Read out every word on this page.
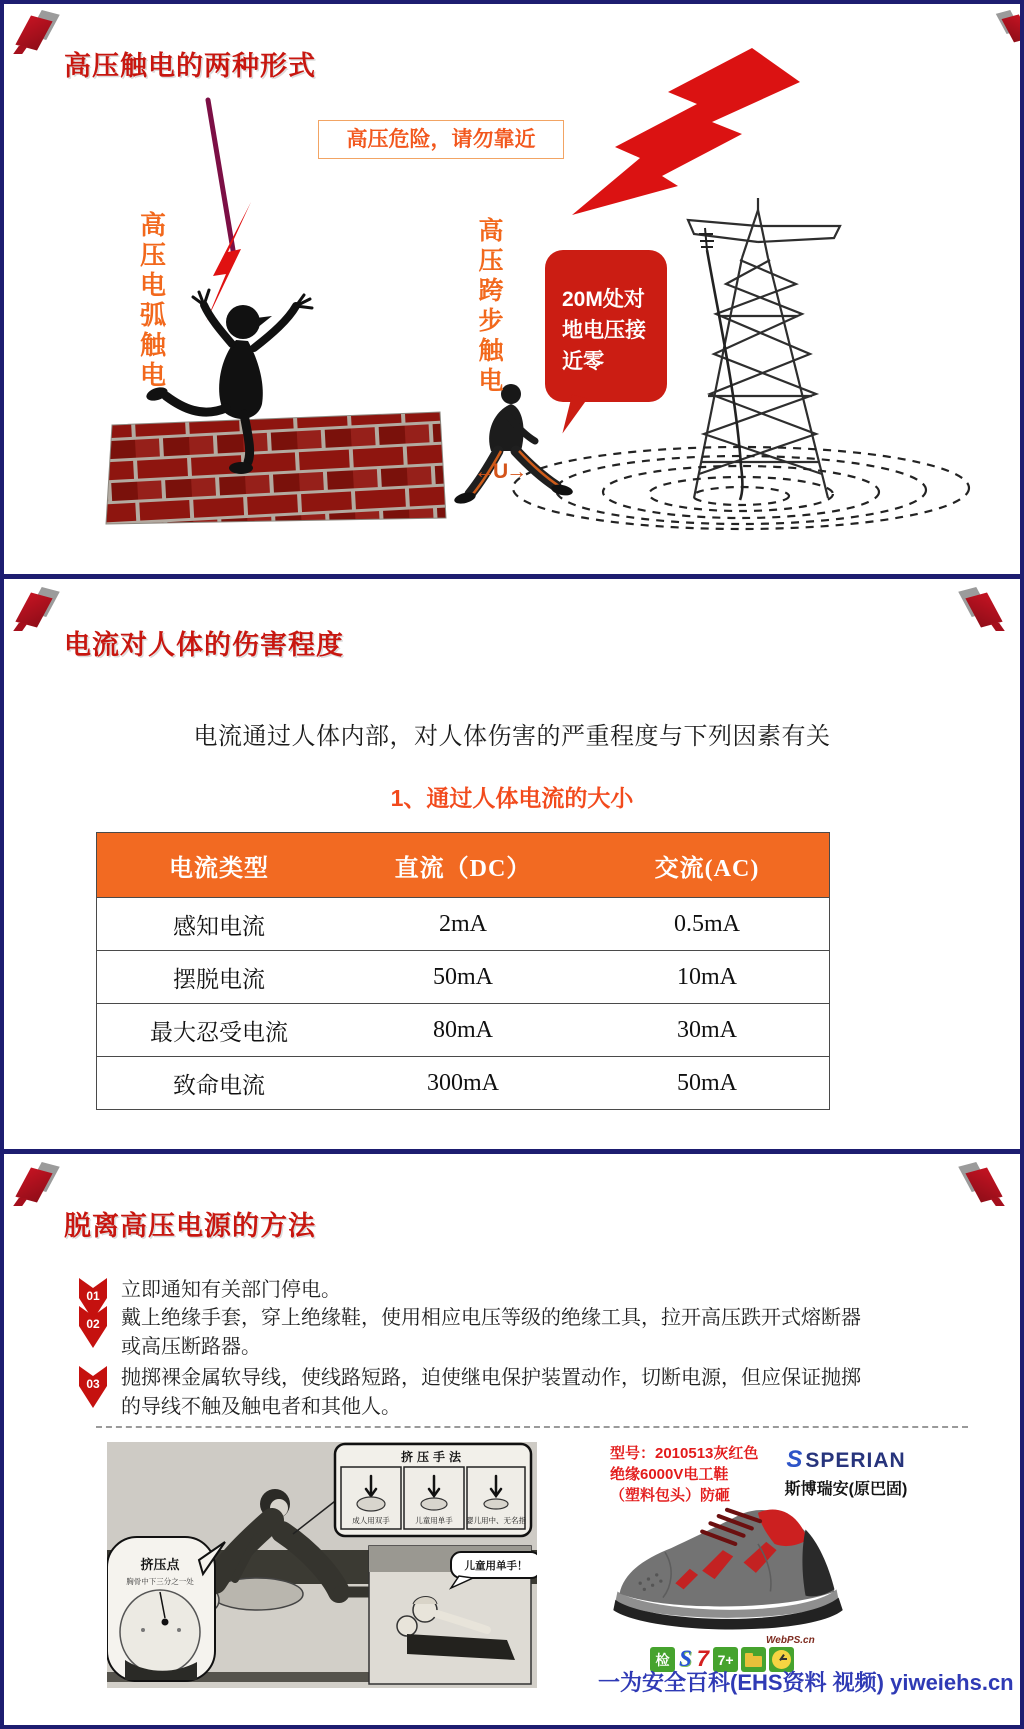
高压触电的两种形式
高压危险，请勿靠近
高压电弧触电
高压跨步触电
20M处对
地电压接
近零
←U→
电流对人体的伤害程度
电流通过人体内部，对人体伤害的严重程度与下列因素有关
1、通过人体电流的大小
电流类型	直流（DC）	交流(AC)
感知电流	2mA	0.5mA
摆脱电流	50mA	10mA
最大忍受电流	80mA	30mA
致命电流	300mA	50mA
脱离高压电源的方法
01	立即通知有关部门停电。
02	戴上绝缘手套，穿上绝缘鞋，使用相应电压等级的绝缘工具，拉开高压跌开式熔断器或高压断路器。
03	抛掷裸金属软导线，使线路短路，迫使继电保护装置动作，切断电源，但应保证抛掷的导线不触及触电者和其他人。
挤压手法
成人用双手	儿童用单手 婴儿用中、无名指
儿童用单手！
挤压点
胸骨中下三分之一处
型号：2010513灰红色
绝缘6000V电工鞋
（塑料包头）防砸
SSPERIAN
斯博瑞安(原巴固)
检 S 7 7+
WebPS.cn
一为安全百科(EHS资料 视频) yiweiehs.cn
